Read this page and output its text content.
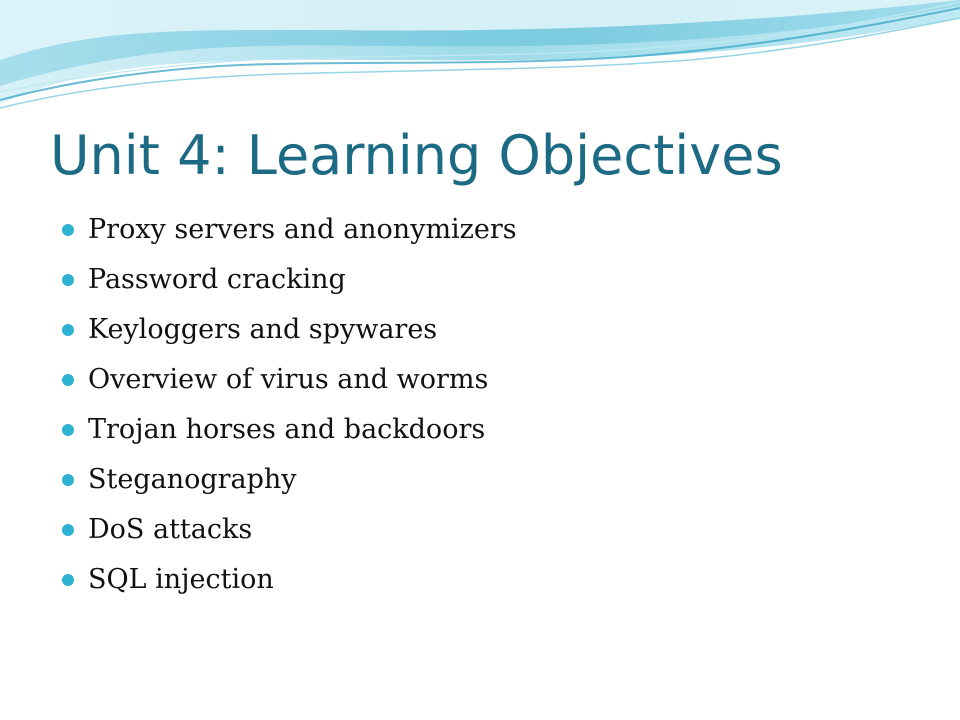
Unit 4: Learning Objectives
Proxy servers and anonymizers
Password cracking
Keyloggers and spywares
Overview of virus and worms
Trojan horses and backdoors
Steganography
DoS attacks
SQL injection
